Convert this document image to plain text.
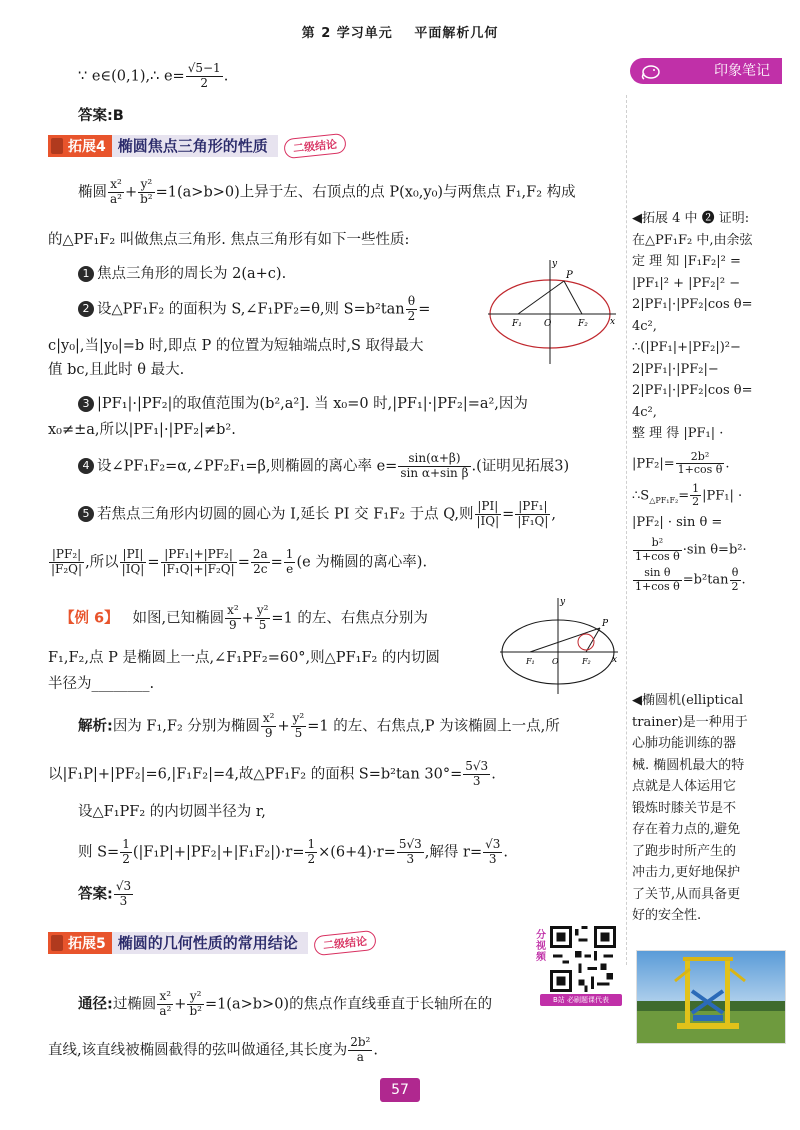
第 2 学习单元 平面解析几何
印象笔记
∵ e∈(0,1),∴ $e= \frac{√5-1}{2}$ .
答案:B
拓展4 椭圆焦点三角形的性质	二级结论
椭圆 $\frac{\text{x²}}{\text{a²}} + \frac{\text{y²}}{\text{b²}} =1(a>b>0)$上异于左、右顶点的点 P(x₀,y₀)与两焦点 F₁,F₂ 构成
的△PF₁F₂ 叫做焦点三角形. 焦点三角形有如下一些性质:
1 焦点三角形的周长为 2(a+c).
2 设△PF₁F₂ 的面积为 S,∠F₁PF₂=θ,则 $S=b^2\tan \frac{\theta}{2}$ =
c|y₀|,当|y₀|=b 时,即点 P 的位置为短轴端点时,S 取得最大
值 bc,且此时 θ 最大.
y
x
P
F₁ O	F₂
3 |PF₁|·|PF₂|的取值范围为(b²,a²]. 当 x₀=0 时,|PF₁|·|PF₂|=a²,因为
x₀≠±a,所以|PF₁|·|PF₂|≠b².
4 设∠PF₁F₂=α,∠PF₂F₁=β,则椭圆的离心率 $e= \frac{\sin(\alpha+\beta)}{\text{sin α+sin β}}$ .(证明见拓展3)
5 若焦点三角形内切圆的圆心为 I,延长 PI 交 F₁F₂ 于点 Q,则 $\frac{|PI|}{|IQ|} = \frac{\text{|PF₁|}}{\text{|F₁Q|}}$ ,
$\frac{\text{|PF₂|}}{\text{|F₂Q|}}$ ,所以 $\frac{|PI|}{|IQ|} = \frac{\text{|PF₁|+|PF₂|}}{\text{|F₁Q|+|F₂Q|}} = \frac{2a}{2c} = \frac{1}{e} (e$ 为椭圆的离心率).
【例 6】 如图,已知椭圆 $\frac{\text{x²}}{9} + \frac{\text{y²}}{5} =1$ 的左、右焦点分别为
F₁,F₂,点 P 是椭圆上一点,∠F₁PF₂=60°,则△PF₁F₂ 的内切圆
半径为________.
y
x
P
F₁ O	F₂
解析:因为 F₁,F₂ 分别为椭圆 $\frac{\text{x²}}{9} + \frac{\text{y²}}{5} =1$ 的左、右焦点,P 为该椭圆上一点,所
以|F₁P|+|PF₂|=6,|F₁F₂|=4,故△PF₁F₂ 的面积 S=b²tan $30^\circ= \frac{5√3}{3}$ .
设△F₁PF₂ 的内切圆半径为 r,
则 $S= \frac{1}{2} (|F_1P|+|PF_2|+|F_1F_2|)\cdot r= \frac{1}{2} \times(6+4)\cdot r= \frac{5√3}{3}$ ,解得 $r= \frac{√3}{3}$ .
答案: $\frac{√3}{3}$
拓展5 椭圆的几何性质的常用结论	二级结论
通径:过椭圆 $\frac{\text{x²}}{\text{a²}} + \frac{\text{y²}}{\text{b²}} =1(a>b>0)$的焦点作直线垂直于长轴所在的
直线,该直线被椭圆截得的弦叫做通径,其长度为 $\frac{\text{2b²}}{a}$ .
分视频
B站 必刷题课代表
◀拓展 4 中 ❷ 证明:
在△PF₁F₂ 中,由余弦
定 理 知 |F₁F₂|² =
|PF₁|² + |PF₂|² −
2|PF₁|·|PF₂|cos θ=
4c²,
∴(|PF₁|+|PF₂|)²−
2|PF₁|·|PF₂|−
2|PF₁|·|PF₂|cos θ=
4c²,
整 理 得 |PF₁| ·
$|PF_2|= \frac{\text{2b²}}{\text{1+cos θ}}$ .
$\therefore S_{\triangle PF_1F_2}= \frac{1}{2} |PF_1|$ ·
|PF₂| · sin θ =
$\frac{\text{b²}}{\text{1+cos θ}} \cdot\sin$ θ=b²·
$\frac{\text{sin θ}}{\text{1+cos θ}} =b^2\tan \frac{\theta}{2}$ .
◀椭圆机(elliptical
trainer)是一种用于
心肺功能训练的器
械. 椭圆机最大的特
点就是人体运用它
锻炼时膝关节是不
存在着力点的,避免
了跑步时所产生的
冲击力,更好地保护
了关节,从而具备更
好的安全性.
57
